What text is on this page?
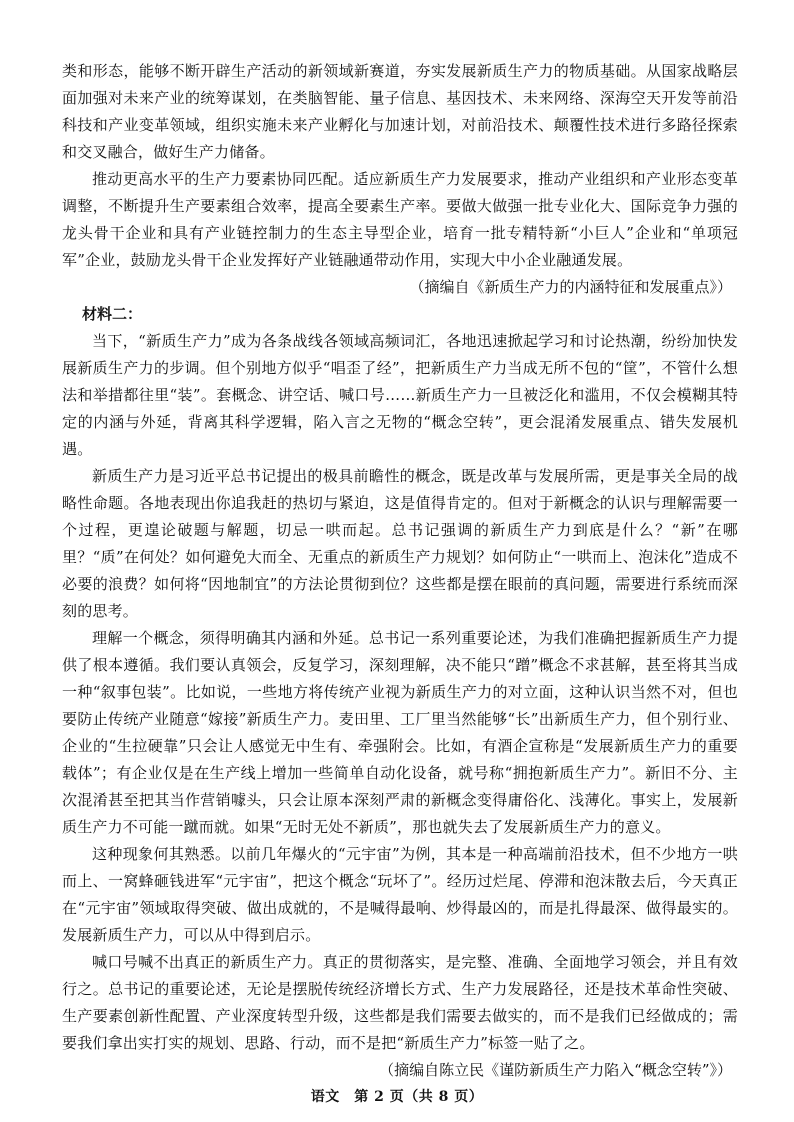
类和形态，能够不断开辟生产活动的新领域新赛道，夯实发展新质生产力的物质基础。从国家战略层面加强对未来产业的统筹谋划，在类脑智能、量子信息、基因技术、未来网络、深海空天开发等前沿科技和产业变革领域，组织实施未来产业孵化与加速计划，对前沿技术、颠覆性技术进行多路径探索和交叉融合，做好生产力储备。

推动更高水平的生产力要素协同匹配。适应新质生产力发展要求，推动产业组织和产业形态变革调整，不断提升生产要素组合效率，提高全要素生产率。要做大做强一批专业化大、国际竞争力强的龙头骨干企业和具有产业链控制力的生态主导型企业，培育一批专精特新“小巨人”企业和“单项冠军”企业，鼓励龙头骨干企业发挥好产业链融通带动作用，实现大中小企业融通发展。

（摘编自《新质生产力的内涵特征和发展重点》）

材料二：

当下，“新质生产力”成为各条战线各领域高频词汇，各地迅速掀起学习和讨论热潮，纷纷加快发展新质生产力的步调。但个别地方似乎“唱歪了经”，把新质生产力当成无所不包的“筐”，不管什么想法和举措都往里“装”。套概念、讲空话、喊口号……新质生产力一旦被泛化和滥用，不仅会模糊其特定的内涵与外延，背离其科学逻辑，陷入言之无物的“概念空转”，更会混淆发展重点、错失发展机遇。

新质生产力是习近平总书记提出的极具前瞻性的概念，既是改革与发展所需，更是事关全局的战略性命题。各地表现出你追我赶的热切与紧迫，这是值得肯定的。但对于新概念的认识与理解需要一个过程，更遑论破题与解题，切忌一哄而起。总书记强调的新质生产力到底是什么？“新”在哪里？“质”在何处？如何避免大而全、无重点的新质生产力规划？如何防止“一哄而上、泡沫化”造成不必要的浪费？如何将“因地制宜”的方法论贯彻到位？这些都是摆在眼前的真问题，需要进行系统而深刻的思考。

理解一个概念，须得明确其内涵和外延。总书记一系列重要论述，为我们准确把握新质生产力提供了根本遵循。我们要认真领会，反复学习，深刻理解，决不能只“蹭”概念不求甚解，甚至将其当成一种“叙事包装”。比如说，一些地方将传统产业视为新质生产力的对立面，这种认识当然不对，但也要防止传统产业随意“嫁接”新质生产力。麦田里、工厂里当然能够“长”出新质生产力，但个别行业、企业的“生拉硬靠”只会让人感觉无中生有、牵强附会。比如，有酒企宣称是“发展新质生产力的重要载体”；有企业仅是在生产线上增加一些简单自动化设备，就号称“拥抱新质生产力”。新旧不分、主次混淆甚至把其当作营销噱头，只会让原本深刻严肃的新概念变得庸俗化、浅薄化。事实上，发展新质生产力不可能一蹴而就。如果“无时无处不新质”，那也就失去了发展新质生产力的意义。

这种现象何其熟悉。以前几年爆火的“元宇宙”为例，其本是一种高端前沿技术，但不少地方一哄而上、一窝蜂砸钱进军“元宇宙”，把这个概念“玩坏了”。经历过烂尾、停滞和泡沫散去后，今天真正在“元宇宙”领域取得突破、做出成就的，不是喊得最响、炒得最凶的，而是扎得最深、做得最实的。发展新质生产力，可以从中得到启示。

喊口号喊不出真正的新质生产力。真正的贯彻落实，是完整、准确、全面地学习领会，并且有效行之。总书记的重要论述，无论是摆脱传统经济增长方式、生产力发展路径，还是技术革命性突破、生产要素创新性配置、产业深度转型升级，这些都是我们需要去做实的，而不是我们已经做成的；需要我们拿出实打实的规划、思路、行动，而不是把“新质生产力”标签一贴了之。

（摘编自陈立民《谨防新质生产力陷入“概念空转”》）

语文　第 2 页（共 8 页）
